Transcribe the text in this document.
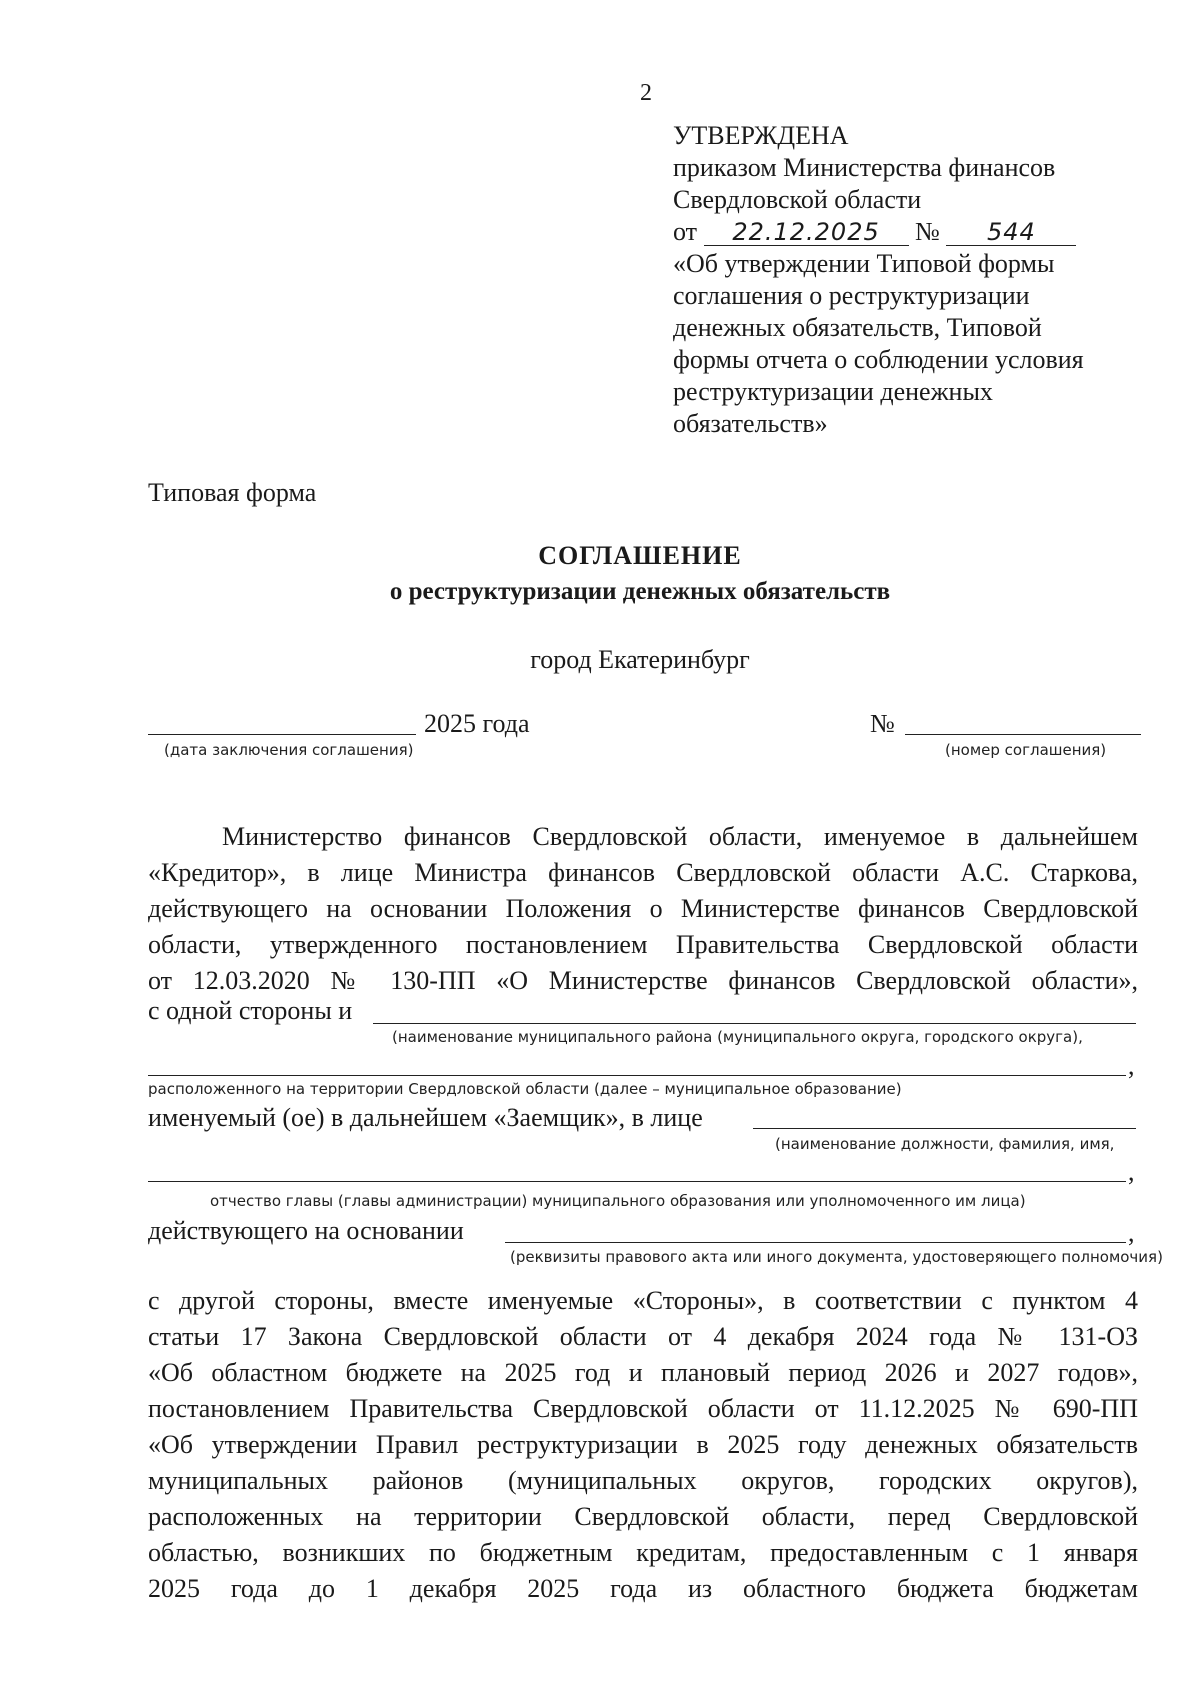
2
УТВЕРЖДЕНА
приказом Министерства финансов
Свердловской области
от 22.12.2025 № 544
«Об утверждении Типовой формы
соглашения о реструктуризации
денежных обязательств, Типовой
формы отчета о соблюдении условия
реструктуризации денежных
обязательств»
Типовая форма
СОГЛАШЕНИЕ
о реструктуризации денежных обязательств
город Екатеринбург
2025 года
(дата заключения соглашения)
№
(номер соглашения)
Министерство финансов Свердловской области, именуемое в дальнейшем
«Кредитор», в лице Министра финансов Свердловской области А.С. Старкова,
действующего на основании Положения о Министерстве финансов Свердловской
области, утвержденного постановлением Правительства Свердловской области
от 12.03.2020 № 130-ПП «О Министерстве финансов Свердловской области»,
с одной стороны и
(наименование муниципального района (муниципального округа, городского округа),
,
расположенного на территории Свердловской области (далее – муниципальное образование)
именуемый (ое) в дальнейшем «Заемщик», в лице
(наименование должности, фамилия, имя,
,
отчество главы (главы администрации) муниципального образования или уполномоченного им лица)
действующего на основании	,
(реквизиты правового акта или иного документа, удостоверяющего полномочия)
с другой стороны, вместе именуемые «Стороны», в соответствии с пунктом 4
статьи 17 Закона Свердловской области от 4 декабря 2024 года № 131-ОЗ
«Об областном бюджете на 2025 год и плановый период 2026 и 2027 годов»,
постановлением Правительства Свердловской области от 11.12.2025 № 690-ПП
«Об утверждении Правил реструктуризации в 2025 году денежных обязательств
муниципальных районов (муниципальных округов, городских округов),
расположенных на территории Свердловской области, перед Свердловской
областью, возникших по бюджетным кредитам, предоставленным с 1 января
2025 года до 1 декабря 2025 года из областного бюджета бюджетам
